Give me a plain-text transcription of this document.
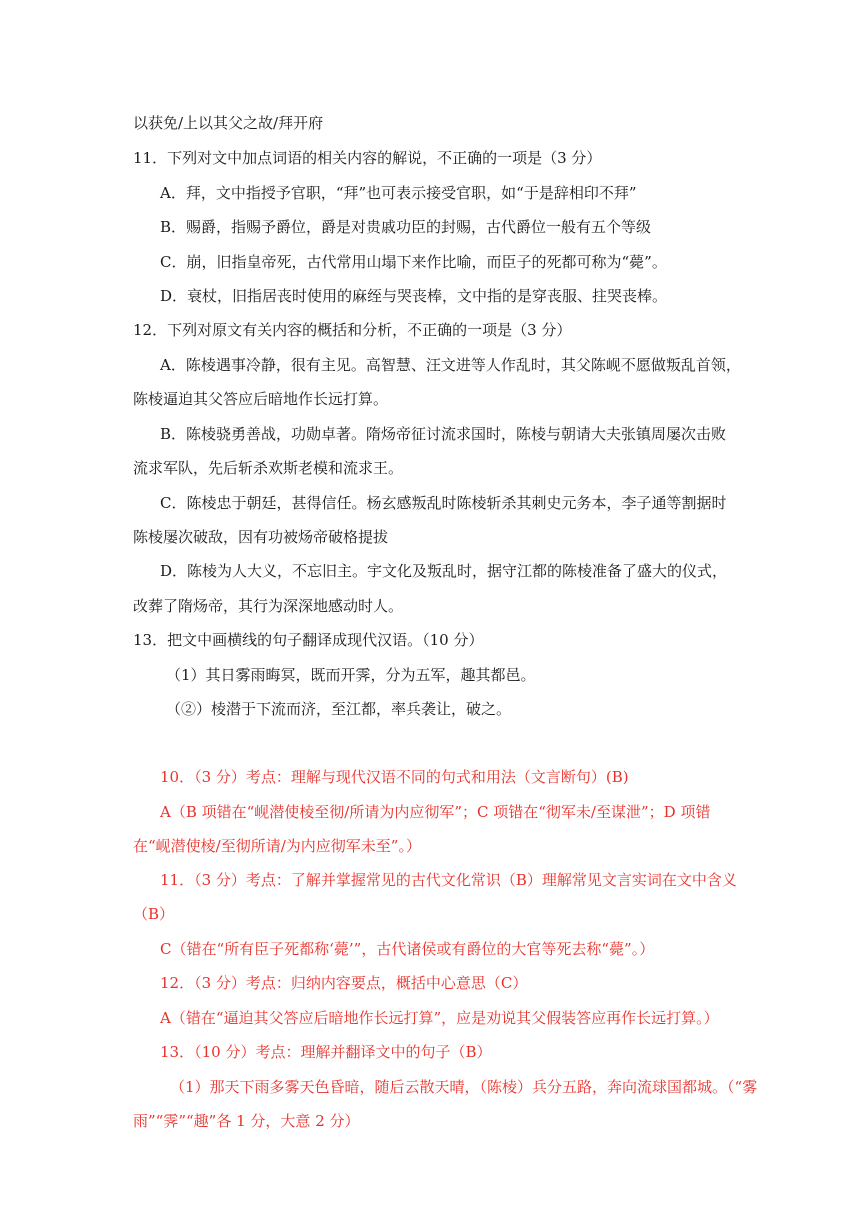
以获免/上以其父之故/拜开府
11．下列对文中加点词语的相关内容的解说，不正确的一项是（3 分）
A．拜，文中指授予官职，“拜”也可表示接受官职，如“于是辞相印不拜”
B．赐爵，指赐予爵位，爵是对贵戚功臣的封赐，古代爵位一般有五个等级
C．崩，旧指皇帝死，古代常用山塌下来作比喻，而臣子的死都可称为“薨”。
D．衰杖，旧指居丧时使用的麻绖与哭丧棒，文中指的是穿丧服、拄哭丧棒。
12．下列对原文有关内容的概括和分析，不正确的一项是（3 分）
A．陈棱遇事冷静，很有主见。高智慧、汪文进等人作乱时，其父陈岘不愿做叛乱首领，
陈棱逼迫其父答应后暗地作长远打算。
B．陈棱骁勇善战，功勋卓著。隋炀帝征讨流求国时，陈棱与朝请大夫张镇周屡次击败
流求军队，先后斩杀欢斯老模和流求王。
C．陈棱忠于朝廷，甚得信任。杨玄感叛乱时陈棱斩杀其刺史元务本，李子通等割据时
陈棱屡次破敌，因有功被炀帝破格提拔
D．陈棱为人大义，不忘旧主。宇文化及叛乱时，据守江都的陈棱准备了盛大的仪式，
改葬了隋炀帝，其行为深深地感动时人。
13．把文中画横线的句子翻译成现代汉语。（10 分）
（1）其日雾雨晦冥，既而开霁，分为五军，趣其都邑。
（②）棱潜于下流而济，至江都，率兵袭让，破之。
10．（3 分）考点：理解与现代汉语不同的句式和用法（文言断句）(B)
A（B 项错在“岘潜使棱至彻/所请为内应彻军”；C 项错在“彻军未/至谋泄”；D 项错
在“岘潜使棱/至彻所请/为内应彻军未至”。）
11．（3 分）考点：了解并掌握常见的古代文化常识（B）理解常见文言实词在文中含义
（B）
C（错在“所有臣子死都称‘薨’”，古代诸侯或有爵位的大官等死去称“薨”。）
12．（3 分）考点：归纳内容要点，概括中心意思（C）
A（错在“逼迫其父答应后暗地作长远打算”，应是劝说其父假装答应再作长远打算。）
13．（10 分）考点：理解并翻译文中的句子（B）
（1）那天下雨多雾天色昏暗，随后云散天晴，（陈棱）兵分五路，奔向流球国都城。（“雾
雨”“霁”“趣”各 1 分，大意 2 分）
